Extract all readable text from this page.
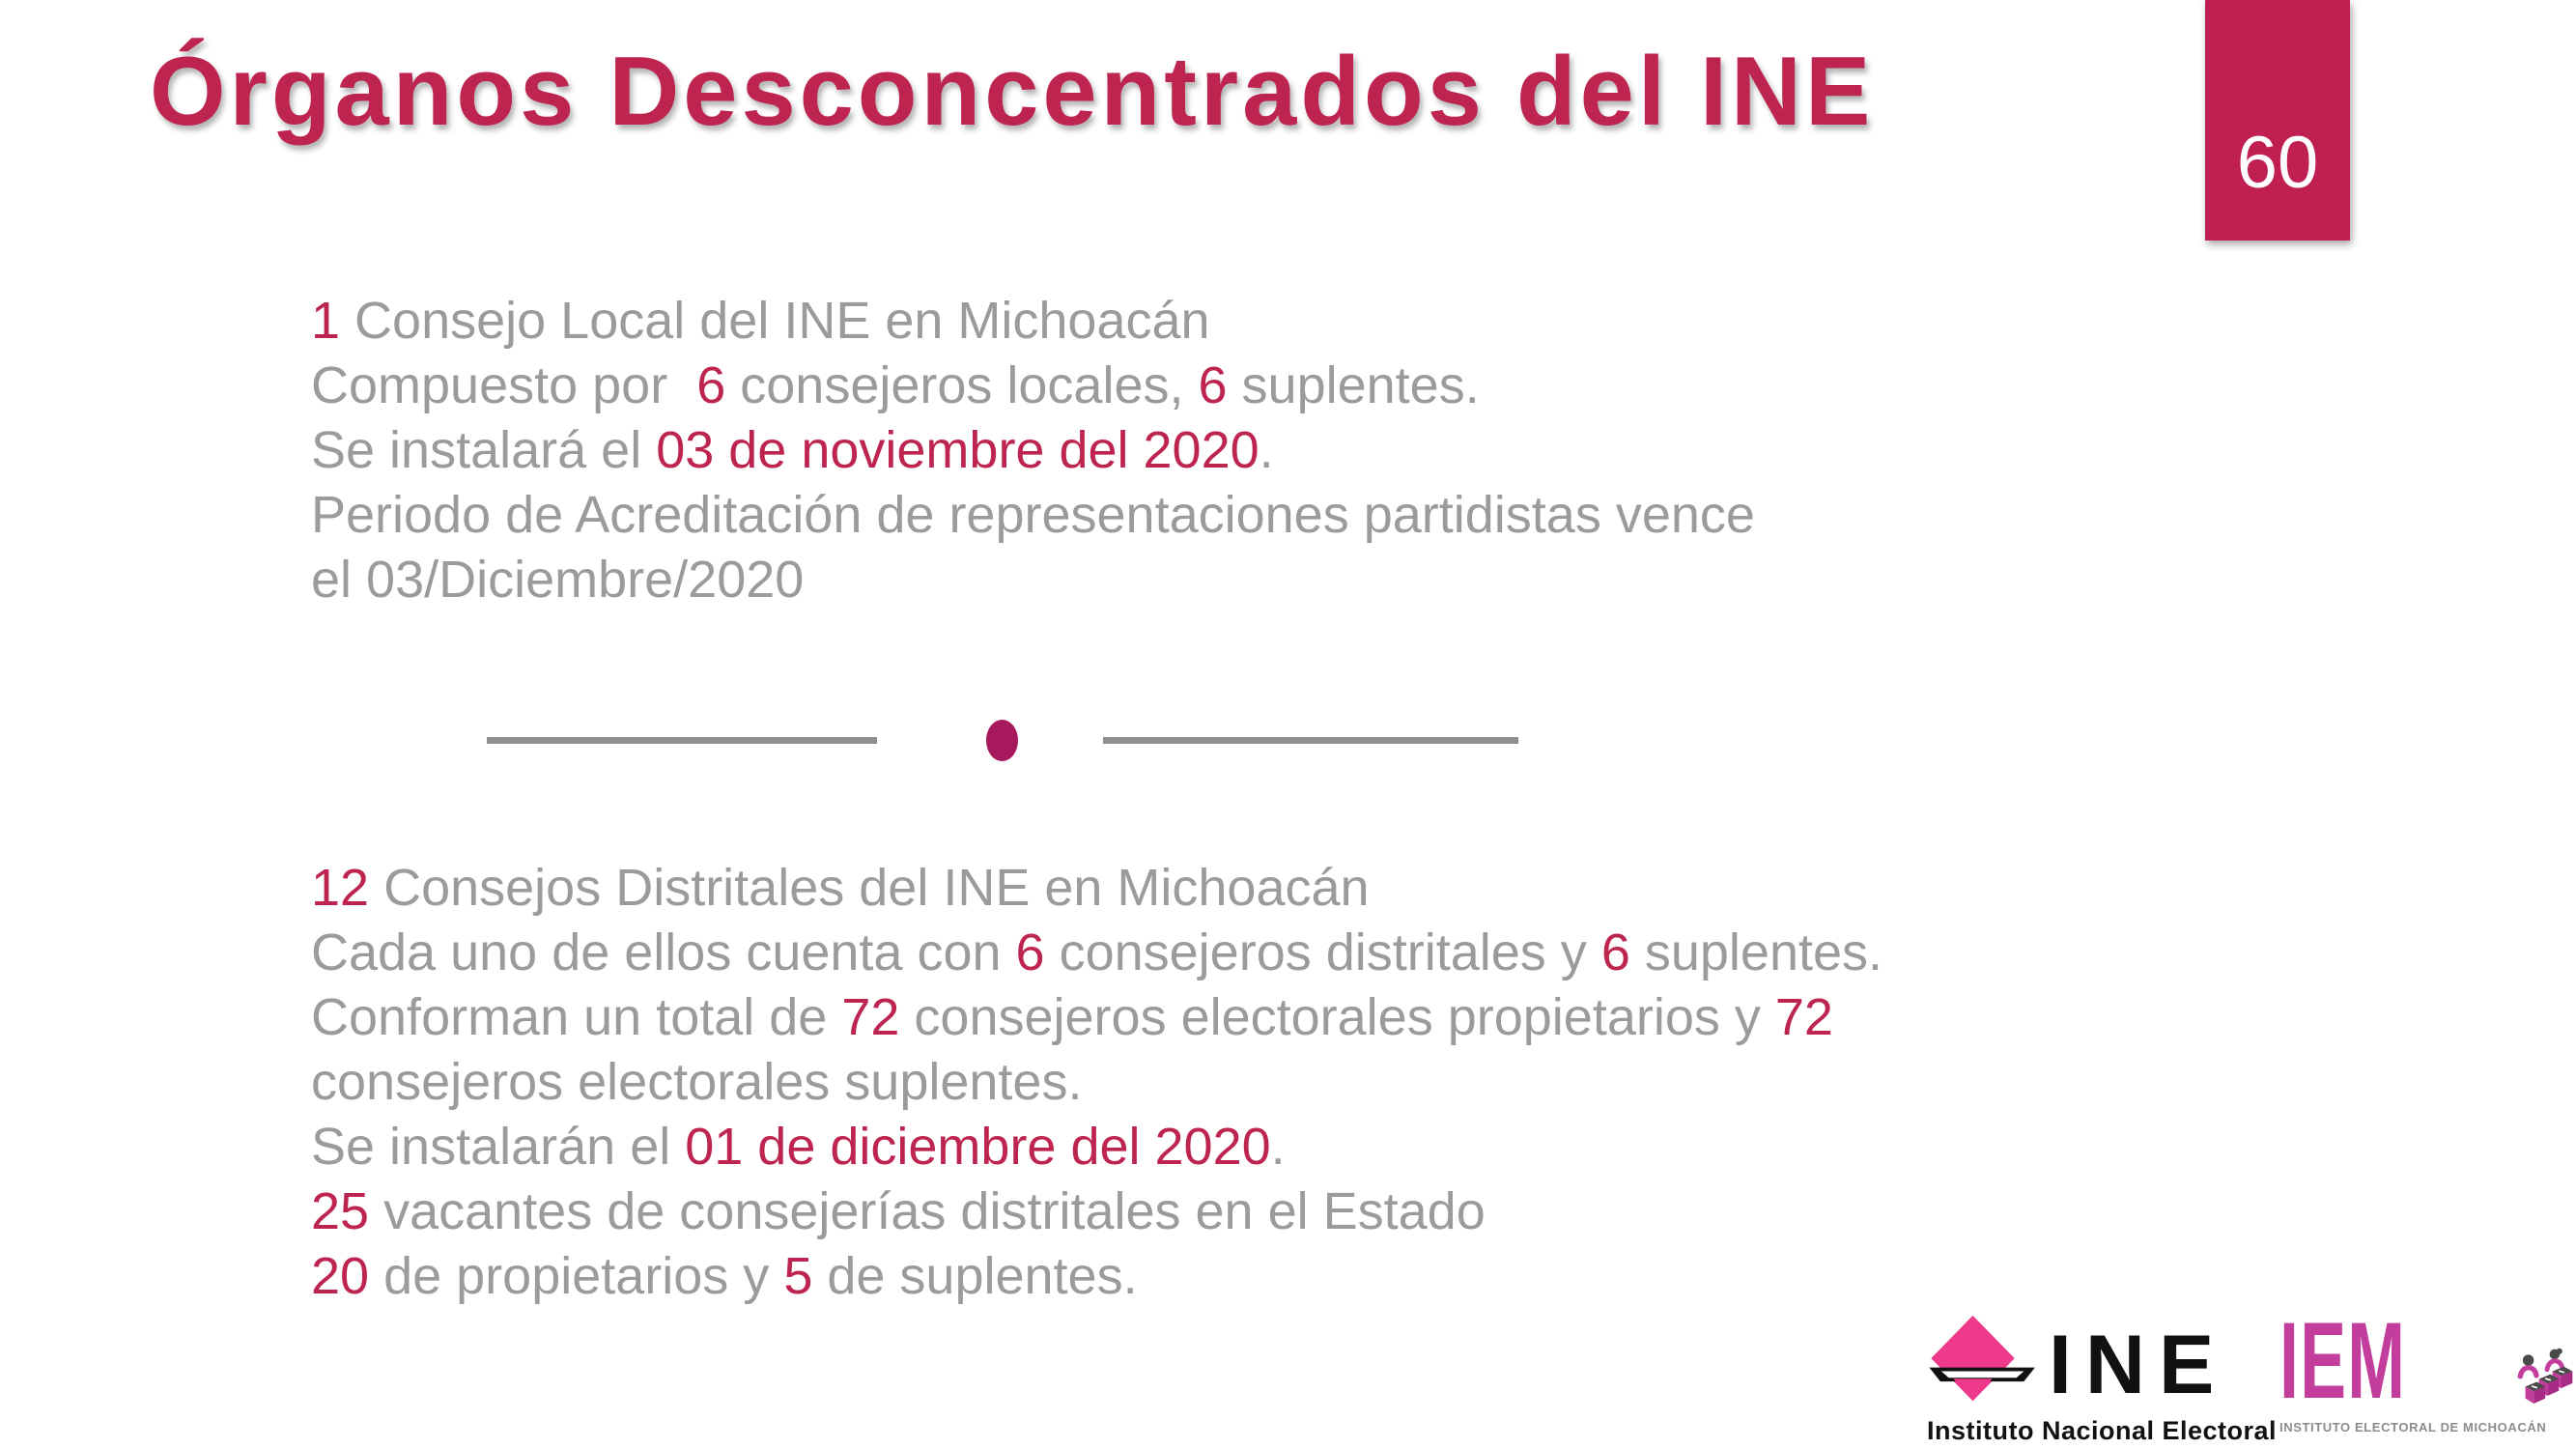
Órganos Desconcentrados del INE
60
1 Consejo Local del INE en Michoacán
Compuesto por  6 consejeros locales, 6 suplentes.
Se instalará el 03 de noviembre del 2020.
Periodo de Acreditación de representaciones partidistas vence
el 03/Diciembre/2020
12 Consejos Distritales del INE en Michoacán
Cada uno de ellos cuenta con 6 consejeros distritales y 6 suplentes.
Conforman un total de 72 consejeros electorales propietarios y 72
consejeros electorales suplentes.
Se instalarán el 01 de diciembre del 2020.
25 vacantes de consejerías distritales en el Estado
20 de propietarios y 5 de suplentes.
INE
Instituto Nacional Electoral
IEM
INSTITUTO ELECTORAL DE MICHOACÁN
